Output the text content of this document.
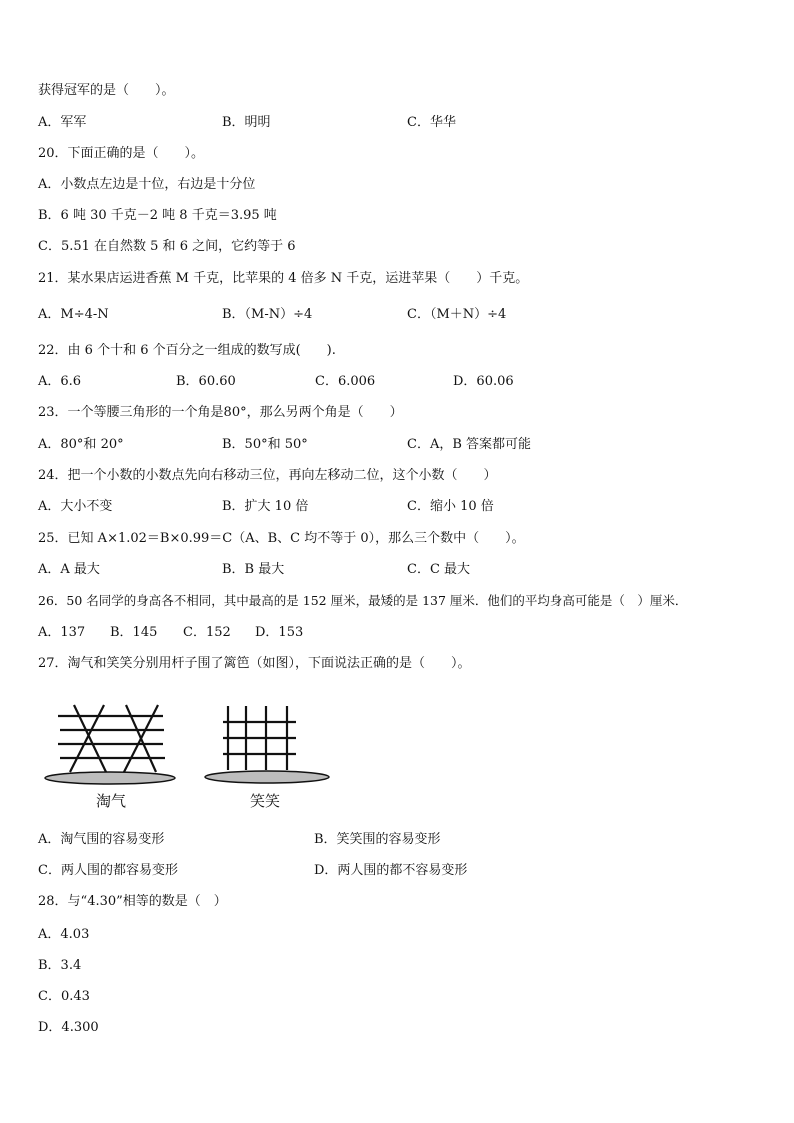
获得冠军的是（　　）。
A．军军	B．明明	C．华华
20．下面正确的是（　　）。
A．小数点左边是十位，右边是十分位
B．6 吨 30 千克－2 吨 8 千克＝3.95 吨
C．5.51 在自然数 5 和 6 之间，它约等于 6
21．某水果店运进香蕉 M 千克，比苹果的 4 倍多 N 千克，运进苹果（　　）千克。
A．M÷4-N	B．（M-N）÷4	C．（M＋N）÷4
22．由 6 个十和 6 个百分之一组成的数写成(　　).
A．6.6	B．60.60	C．6.006	D．60.06
23．一个等腰三角形的一个角是80°，那么另两个角是（　　）
A．80°和 20°	B．50°和 50°	C．A，B 答案都可能
24．把一个小数的小数点先向右移动三位，再向左移动二位，这个小数（　　）
A．大小不变	B．扩大 10 倍	C．缩小 10 倍
25．已知 A×1.02＝B×0.99＝C（A、B、C 均不等于 0），那么三个数中（　　）。
A．A 最大	B．B 最大	C．C 最大
26．50 名同学的身高各不相同，其中最高的是 152 厘米，最矮的是 137 厘米．他们的平均身高可能是（　）厘米．
A．137 B．145 C．152 D．153
27．淘气和笑笑分别用杆子围了篱笆（如图），下面说法正确的是（　　）。
淘气	笑笑
A．淘气围的容易变形	B．笑笑围的容易变形
C．两人围的都容易变形	D．两人围的都不容易变形
28．与“4.30”相等的数是（　）
A．4.03
B．3.4
C．0.43
D．4.300
